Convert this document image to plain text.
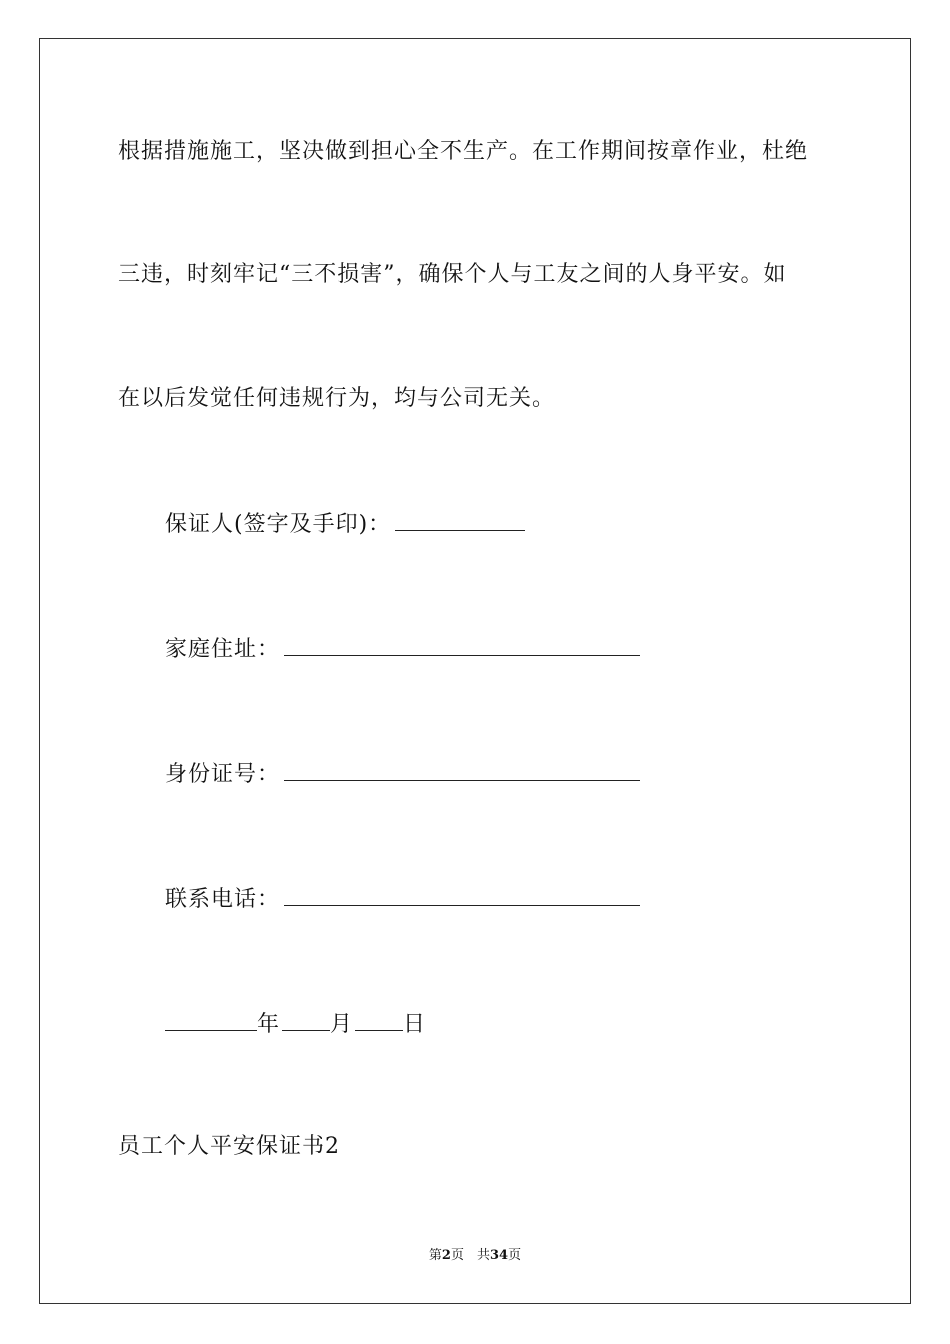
根据措施施工，坚决做到担心全不生产。在工作期间按章作业，杜绝
三违，时刻牢记“三不损害”，确保个人与工友之间的人身平安。如
在以后发觉任何违规行为，均与公司无关。
保证人(签字及手印)：
家庭住址：
身份证号：
联系电话：
年 月 日
员工个人平安保证书2
第2页　共34页
